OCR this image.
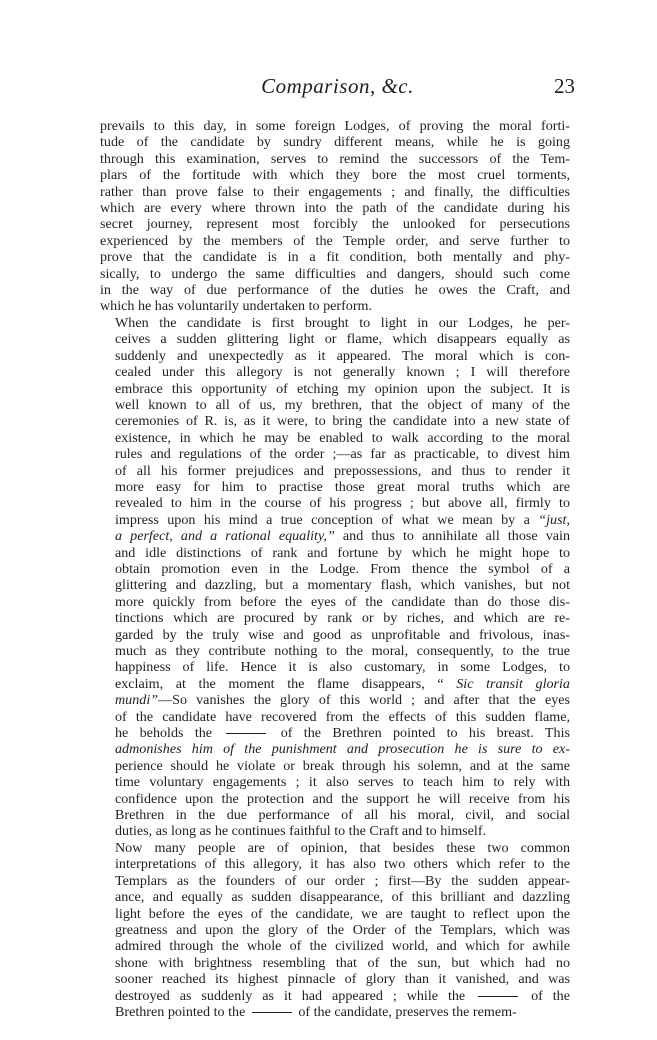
Comparison, &c.	23

prevails to this day, in some foreign Lodges, of proving the moral forti-
tude of the candidate by sundry different means, while he is going
through this examination, serves to remind the successors of the Tem-
plars of the fortitude with which they bore the most cruel torments,
rather than prove false to their engagements ; and finally, the difficulties
which are every where thrown into the path of the candidate during his
secret journey, represent most forcibly the unlooked for persecutions
experienced by the members of the Temple order, and serve further to
prove that the candidate is in a fit condition, both mentally and phy-
sically, to undergo the same difficulties and dangers, should such come
in the way of due performance of the duties he owes the Craft, and
which he has voluntarily undertaken to perform.

When the candidate is first brought to light in our Lodges, he per-
ceives a sudden glittering light or flame, which disappears equally as
suddenly and unexpectedly as it appeared. The moral which is con-
cealed under this allegory is not generally known ; I will therefore
embrace this opportunity of etching my opinion upon the subject. It is
well known to all of us, my brethren, that the object of many of the
ceremonies of R. is, as it were, to bring the candidate into a new state of
existence, in which he may be enabled to walk according to the moral
rules and regulations of the order ;—as far as practicable, to divest him
of all his former prejudices and prepossessions, and thus to render it
more easy for him to practise those great moral truths which are
revealed to him in the course of his progress ; but above all, firmly to
impress upon his mind a true conception of what we mean by a “just,
a perfect, and a rational equality,” and thus to annihilate all those vain
and idle distinctions of rank and fortune by which he might hope to
obtain promotion even in the Lodge. From thence the symbol of a
glittering and dazzling, but a momentary flash, which vanishes, but not
more quickly from before the eyes of the candidate than do those dis-
tinctions which are procured by rank or by riches, and which are re-
garded by the truly wise and good as unprofitable and frivolous, inas-
much as they contribute nothing to the moral, consequently, to the true
happiness of life. Hence it is also customary, in some Lodges, to
exclaim, at the moment the flame disappears, “ Sic transit gloria
mundi”—So vanishes the glory of this world ; and after that the eyes
of the candidate have recovered from the effects of this sudden flame,
he beholds the	of the Brethren pointed to his breast. This
admonishes him of the punishment and prosecution he is sure to ex-
perience should he violate or break through his solemn, and at the same
time voluntary engagements ; it also serves to teach him to rely with
confidence upon the protection and the support he will receive from his
Brethren in the due performance of all his moral, civil, and social
duties, as long as he continues faithful to the Craft and to himself.

Now many people are of opinion, that besides these two common
interpretations of this allegory, it has also two others which refer to the
Templars as the founders of our order ; first—By the sudden appear-
ance, and equally as sudden disappearance, of this brilliant and dazzling
light before the eyes of the candidate, we are taught to reflect upon the
greatness and upon the glory of the Order of the Templars, which was
admired through the whole of the civilized world, and which for awhile
shone with brightness resembling that of the sun, but which had no
sooner reached its highest pinnacle of glory than it vanished, and was
destroyed as suddenly as it had appeared ; while the	of the
Brethren pointed to the	of the candidate, preserves the remem-
